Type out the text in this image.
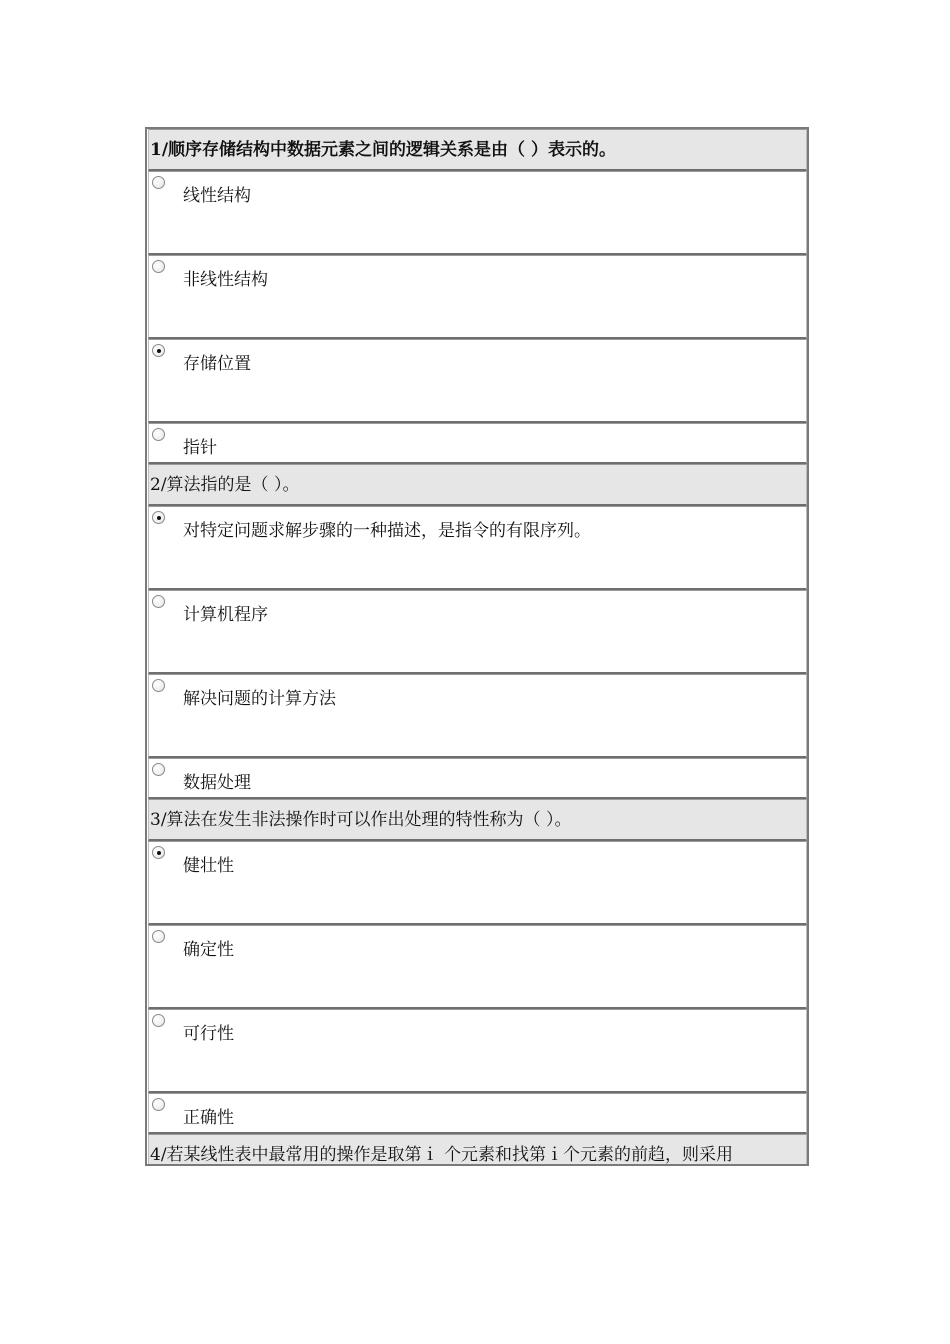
1/顺序存储结构中数据元素之间的逻辑关系是由（ ）表示的。
线性结构
非线性结构
存储位置
指针
2/算法指的是（ ）。
对特定问题求解步骤的一种描述，是指令的有限序列。
计算机程序
解决问题的计算方法
数据处理
3/算法在发生非法操作时可以作出处理的特性称为（ ）。
健壮性
确定性
可行性
正确性
4/若某线性表中最常用的操作是取第ｉ 个元素和找第ｉ个元素的前趋，则采用
